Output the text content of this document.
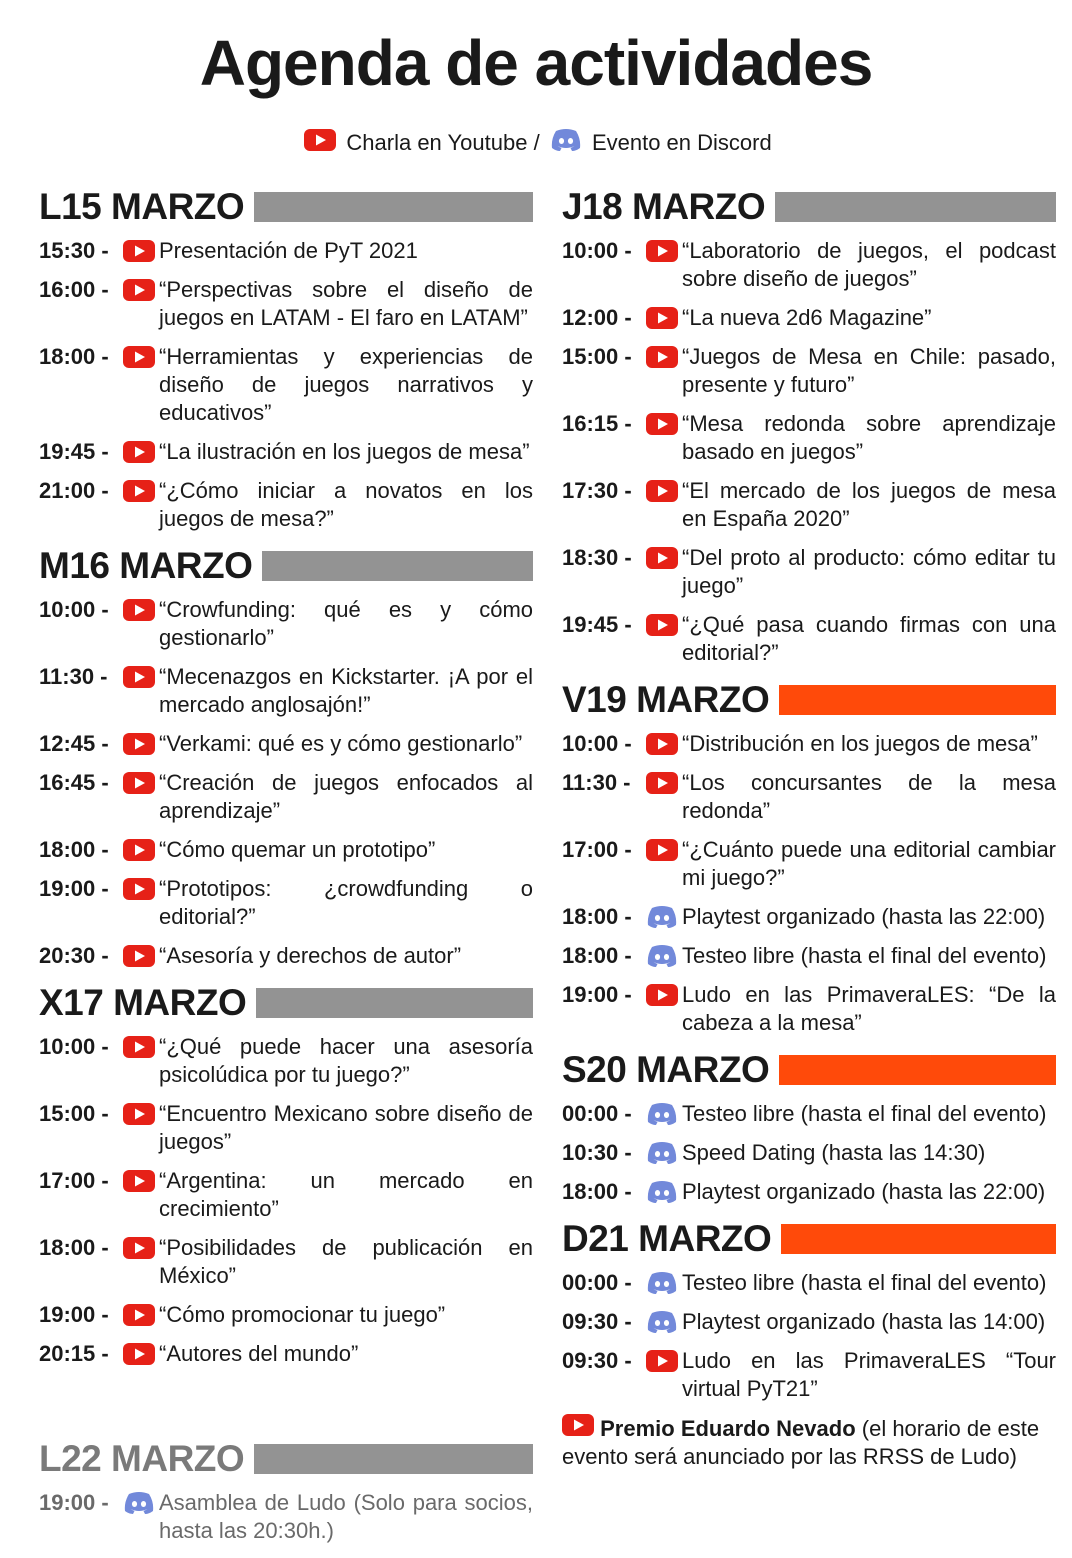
Agenda de actividades
Charla en Youtube / Evento en Discord
L15 MARZO
15:30 -	Presentación de PyT 2021
16:00 -	“Perspectivas sobre el diseño de juegos en LATAM - El faro en LATAM”
18:00 -	“Herramientas y experiencias de diseño de juegos narrativos y educativos”
19:45 -	“La ilustración en los juegos de mesa”
21:00 -	“¿Cómo iniciar a novatos en los juegos de mesa?”
M16 MARZO
10:00 -	“Crowfunding: qué es y cómo gestionarlo”
11:30 -	“Mecenazgos en Kickstarter. ¡A por el mercado anglosajón!”
12:45 -	“Verkami: qué es y cómo gestionarlo”
16:45 -	“Creación de juegos enfocados al aprendizaje”
18:00 -	“Cómo quemar un prototipo”
19:00 -	“Prototipos: ¿crowdfunding o editorial?”
20:30 -	“Asesoría y derechos de autor”
X17 MARZO
10:00 -	“¿Qué puede hacer una asesoría psicolúdica por tu juego?”
15:00 -	“Encuentro Mexicano sobre diseño de juegos”
17:00 -	“Argentina: un mercado en crecimiento”
18:00 -	“Posibilidades de publicación en México”
19:00 -	“Cómo promocionar tu juego”
20:15 -	“Autores del mundo”
L22 MARZO
19:00 -	Asamblea de Ludo (Solo para socios, hasta las 20:30h.)
J18 MARZO
10:00 -	“Laboratorio de juegos, el podcast sobre diseño de juegos”
12:00 -	“La nueva 2d6 Magazine”
15:00 -	“Juegos de Mesa en Chile: pasado, presente y futuro”
16:15 -	“Mesa redonda sobre aprendizaje basado en juegos”
17:30 -	“El mercado de los juegos de mesa en España 2020”
18:30 -	“Del proto al producto: cómo editar tu juego”
19:45 -	“¿Qué pasa cuando firmas con una editorial?”
V19 MARZO
10:00 -	“Distribución en los juegos de mesa”
11:30 -	“Los concursantes de la mesa redonda”
17:00 -	“¿Cuánto puede una editorial cambiar mi juego?”
18:00 -	Playtest organizado (hasta las 22:00)
18:00 -	Testeo libre (hasta el final del evento)
19:00 -	Ludo en las PrimaveraLES: “De la cabeza a la mesa”
S20 MARZO
00:00 -	Testeo libre (hasta el final del evento)
10:30 -	Speed Dating (hasta las 14:30)
18:00 -	Playtest organizado (hasta las 22:00)
D21 MARZO
00:00 -	Testeo libre (hasta el final del evento)
09:30 -	Playtest organizado (hasta las 14:00)
09:30 -	Ludo en las PrimaveraLES “Tour virtual PyT21”
Premio Eduardo Nevado (el horario de este evento será anunciado por las RRSS de Ludo)
